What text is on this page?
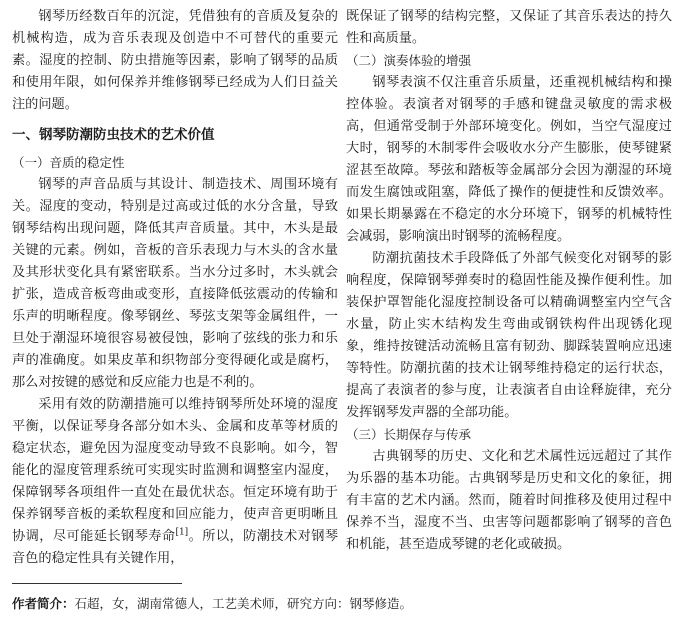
钢琴历经数百年的沉淀，凭借独有的音质及复杂的机械构造，成为音乐表现及创造中不可替代的重要元素。湿度的控制、防虫措施等因素，影响了钢琴的品质和使用年限，如何保养并维修钢琴已经成为人们日益关注的问题。

一、钢琴防潮防虫技术的艺术价值
（一）音质的稳定性

钢琴的声音品质与其设计、制造技术、周围环境有关。湿度的变动，特别是过高或过低的水分含量，导致钢琴结构出现问题，降低其声音质量。其中，木头是最关键的元素。例如，音板的音乐表现力与木头的含水量及其形状变化具有紧密联系。当水分过多时，木头就会扩张，造成音板弯曲或变形，直接降低弦震动的传输和乐声的明晰程度。像琴钢丝、琴弦支架等金属组件，一旦处于潮湿环境很容易被侵蚀，影响了弦线的张力和乐声的准确度。如果皮革和织物部分变得硬化或是腐朽，那么对按键的感觉和反应能力也是不利的。

采用有效的防潮措施可以维持钢琴所处环境的湿度平衡，以保证琴身各部分如木头、金属和皮革等材质的稳定状态，避免因为湿度变动导致不良影响。如今，智能化的湿度管理系统可实现实时监测和调整室内湿度，保障钢琴各项组件一直处在最优状态。恒定环境有助于保养钢琴音板的柔软程度和回应能力，使声音更明晰且协调，尽可能延长钢琴寿命[1]。所以，防潮技术对钢琴音色的稳定性具有关键作用，

既保证了钢琴的结构完整，又保证了其音乐表达的持久性和高质量。

（二）演奏体验的增强

钢琴表演不仅注重音乐质量，还重视机械结构和操控体验。表演者对钢琴的手感和键盘灵敏度的需求极高，但通常受制于外部环境变化。例如，当空气湿度过大时，钢琴的木制零件会吸收水分产生膨胀，使琴键紧涩甚至故障。琴弦和踏板等金属部分会因为潮湿的环境而发生腐蚀或阻塞，降低了操作的便捷性和反馈效率。如果长期暴露在不稳定的水分环境下，钢琴的机械特性会减弱，影响演出时钢琴的流畅程度。

防潮抗菌技术手段降低了外部气候变化对钢琴的影响程度，保障钢琴弹奏时的稳固性能及操作便利性。加装保护罩智能化湿度控制设备可以精确调整室内空气含水量，防止实木结构发生弯曲或钢铁构件出现锈化现象，维持按键活动流畅且富有韧劲、脚踩装置响应迅速等特性。防潮抗菌的技术让钢琴维持稳定的运行状态，提高了表演者的参与度，让表演者自由诠释旋律，充分发挥钢琴发声器的全部功能。

（三）长期保存与传承

古典钢琴的历史、文化和艺术属性远远超过了其作为乐器的基本功能。古典钢琴是历史和文化的象征，拥有丰富的艺术内涵。然而，随着时间推移及使用过程中保养不当，湿度不当、虫害等问题都影响了钢琴的音色和机能，甚至造成琴键的老化或破损。

作者简介：石超，女，湖南常德人，工艺美术师，研究方向：钢琴修造。
